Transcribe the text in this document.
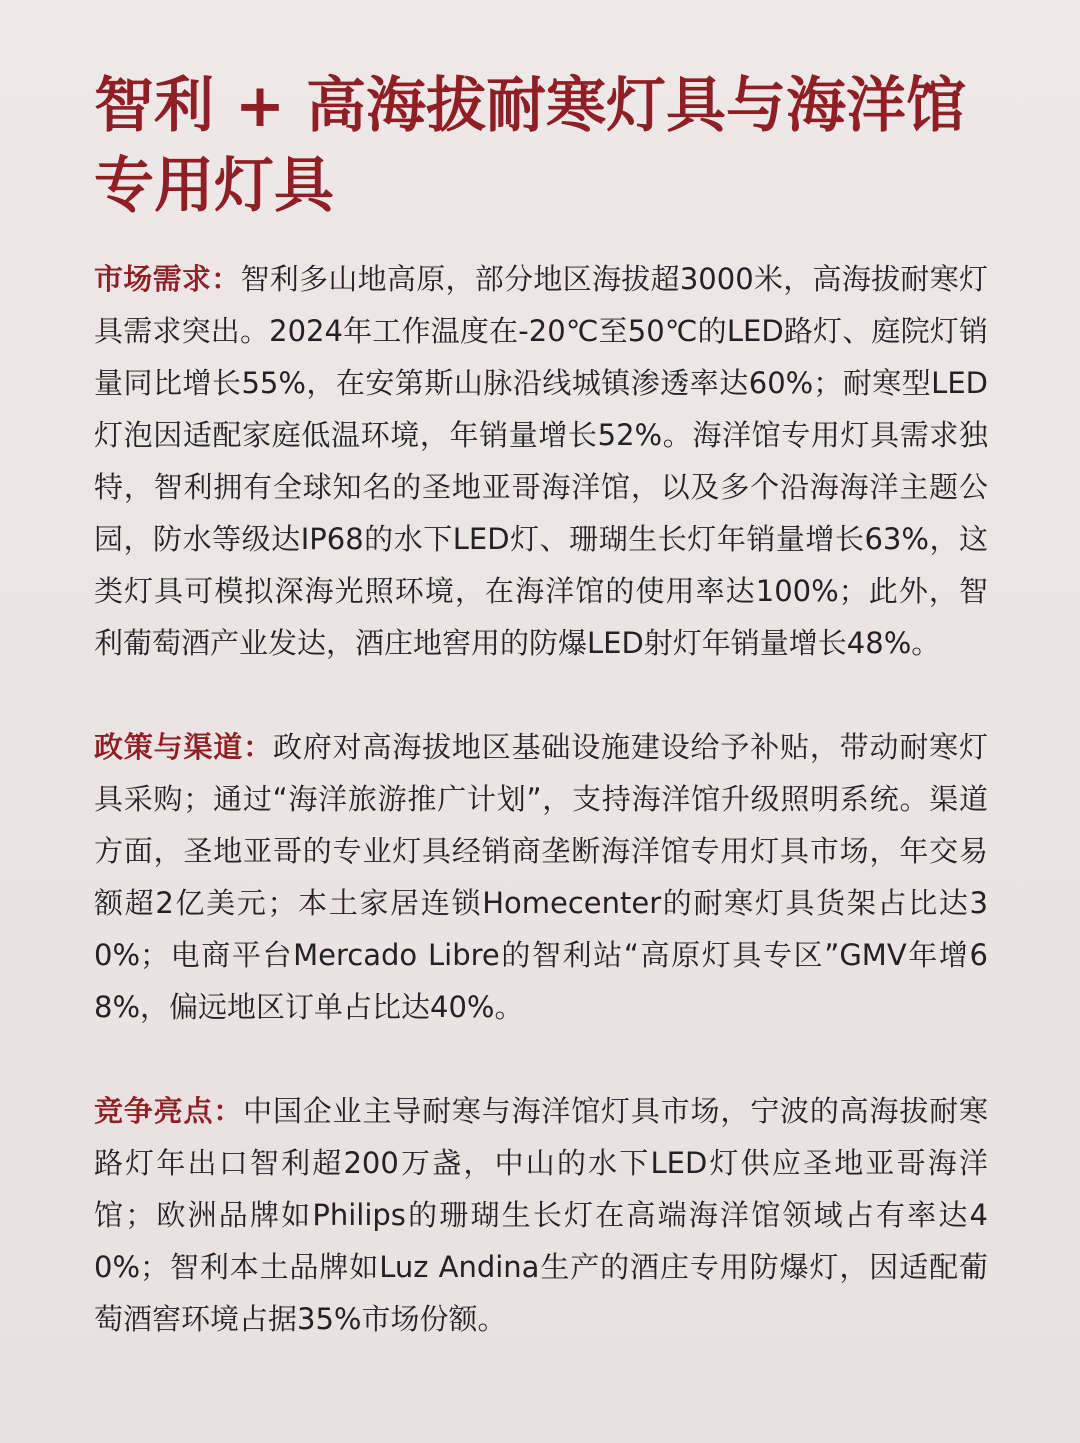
智利 + 高海拔耐寒灯具与海洋馆专用灯具

市场需求：智利多山地高原，部分地区海拔超3000米，高海拔耐寒灯具需求突出。2024年工作温度在-20℃至50℃的LED路灯、庭院灯销量同比增长55%，在安第斯山脉沿线城镇渗透率达60%；耐寒型LED灯泡因适配家庭低温环境，年销量增长52%。海洋馆专用灯具需求独特，智利拥有全球知名的圣地亚哥海洋馆，以及多个沿海海洋主题公园，防水等级达IP68的水下LED灯、珊瑚生长灯年销量增长63%，这类灯具可模拟深海光照环境，在海洋馆的使用率达100%；此外，智利葡萄酒产业发达，酒庄地窖用的防爆LED射灯年销量增长48%。

政策与渠道：政府对高海拔地区基础设施建设给予补贴，带动耐寒灯具采购；通过“海洋旅游推广计划”，支持海洋馆升级照明系统。渠道方面，圣地亚哥的专业灯具经销商垄断海洋馆专用灯具市场，年交易额超2亿美元；本土家居连锁Homecenter的耐寒灯具货架占比达30%；电商平台Mercado Libre的智利站“高原灯具专区”GMV年增68%，偏远地区订单占比达40%。

竞争亮点：中国企业主导耐寒与海洋馆灯具市场，宁波的高海拔耐寒路灯年出口智利超200万盏，中山的水下LED灯供应圣地亚哥海洋馆；欧洲品牌如Philips的珊瑚生长灯在高端海洋馆领域占有率达40%；智利本土品牌如Luz Andina生产的酒庄专用防爆灯，因适配葡萄酒窖环境占据35%市场份额。
